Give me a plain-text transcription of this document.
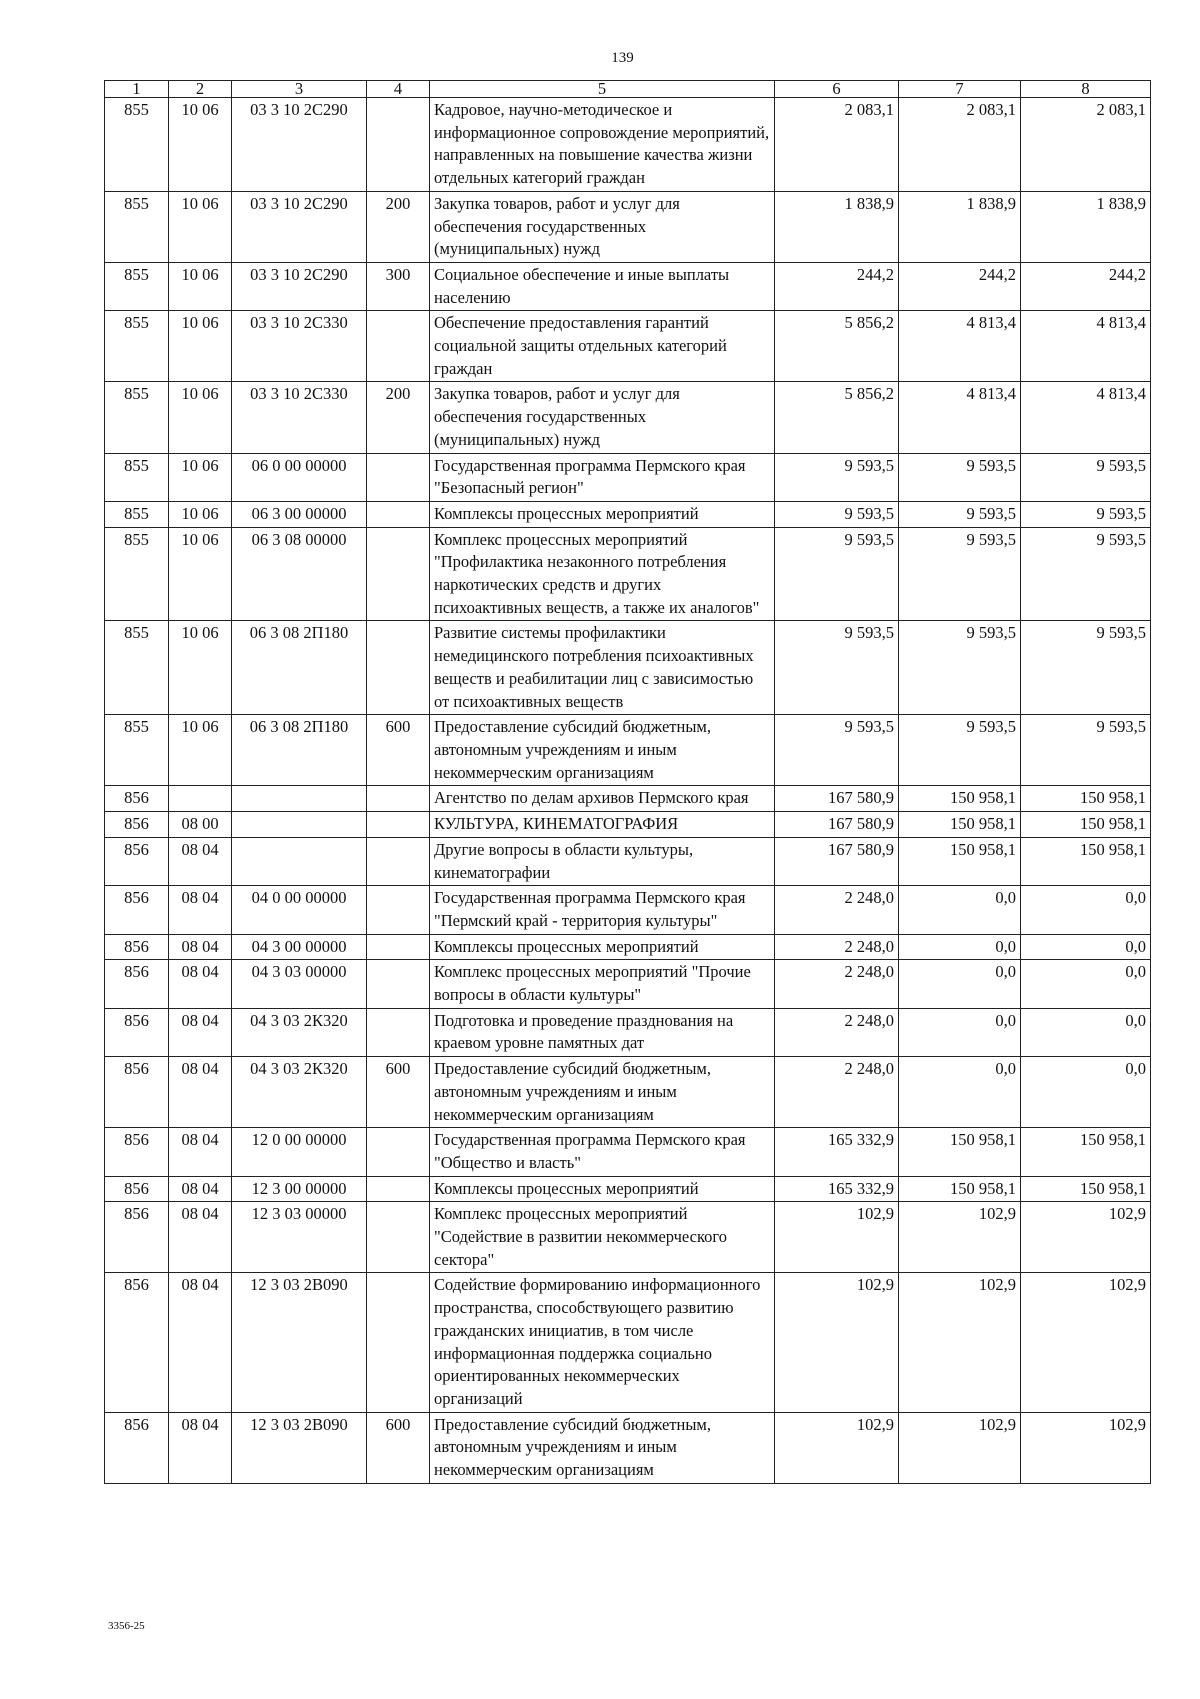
139
1	2	3	4	5	6	7	8
855	10 06	03 3 10 2С290		Кадровое, научно-методическое и информационное сопровождение мероприятий, направленных на повышение качества жизни отдельных категорий граждан	2 083,1	2 083,1	2 083,1
855	10 06	03 3 10 2С290	200	Закупка товаров, работ и услуг для обеспечения государственных (муниципальных) нужд	1 838,9	1 838,9	1 838,9
855	10 06	03 3 10 2С290	300	Социальное обеспечение и иные выплаты населению	244,2	244,2	244,2
855	10 06	03 3 10 2С330		Обеспечение предоставления гарантий социальной защиты отдельных категорий граждан	5 856,2	4 813,4	4 813,4
855	10 06	03 3 10 2С330	200	Закупка товаров, работ и услуг для обеспечения государственных (муниципальных) нужд	5 856,2	4 813,4	4 813,4
855	10 06	06 0 00 00000		Государственная программа Пермского края "Безопасный регион"	9 593,5	9 593,5	9 593,5
855	10 06	06 3 00 00000		Комплексы процессных мероприятий	9 593,5	9 593,5	9 593,5
855	10 06	06 3 08 00000		Комплекс процессных мероприятий "Профилактика незаконного потребления наркотических средств и других психоактивных веществ, а также их аналогов"	9 593,5	9 593,5	9 593,5
855	10 06	06 3 08 2П180		Развитие системы профилактики немедицинского потребления психоактивных веществ и реабилитации лиц с зависимостью от психоактивных веществ	9 593,5	9 593,5	9 593,5
855	10 06	06 3 08 2П180	600	Предоставление субсидий бюджетным, автономным учреждениям и иным некоммерческим организациям	9 593,5	9 593,5	9 593,5
856				Агентство по делам архивов Пермского края	167 580,9	150 958,1	150 958,1
856	08 00			КУЛЬТУРА, КИНЕМАТОГРАФИЯ	167 580,9	150 958,1	150 958,1
856	08 04			Другие вопросы в области культуры, кинематографии	167 580,9	150 958,1	150 958,1
856	08 04	04 0 00 00000		Государственная программа Пермского края "Пермский край - территория культуры"	2 248,0	0,0	0,0
856	08 04	04 3 00 00000		Комплексы процессных мероприятий	2 248,0	0,0	0,0
856	08 04	04 3 03 00000		Комплекс процессных мероприятий "Прочие вопросы в области культуры"	2 248,0	0,0	0,0
856	08 04	04 3 03 2К320		Подготовка и проведение празднования на краевом уровне памятных дат	2 248,0	0,0	0,0
856	08 04	04 3 03 2К320	600	Предоставление субсидий бюджетным, автономным учреждениям и иным некоммерческим организациям	2 248,0	0,0	0,0
856	08 04	12 0 00 00000		Государственная программа Пермского края "Общество и власть"	165 332,9	150 958,1	150 958,1
856	08 04	12 3 00 00000		Комплексы процессных мероприятий	165 332,9	150 958,1	150 958,1
856	08 04	12 3 03 00000		Комплекс процессных мероприятий "Содействие в развитии некоммерческого сектора"	102,9	102,9	102,9
856	08 04	12 3 03 2В090		Содействие формированию информационного пространства, способствующего развитию гражданских инициатив, в том числе информационная поддержка социально ориентированных некоммерческих организаций	102,9	102,9	102,9
856	08 04	12 3 03 2В090	600	Предоставление субсидий бюджетным, автономным учреждениям и иным некоммерческим организациям	102,9	102,9	102,9
3356-25
